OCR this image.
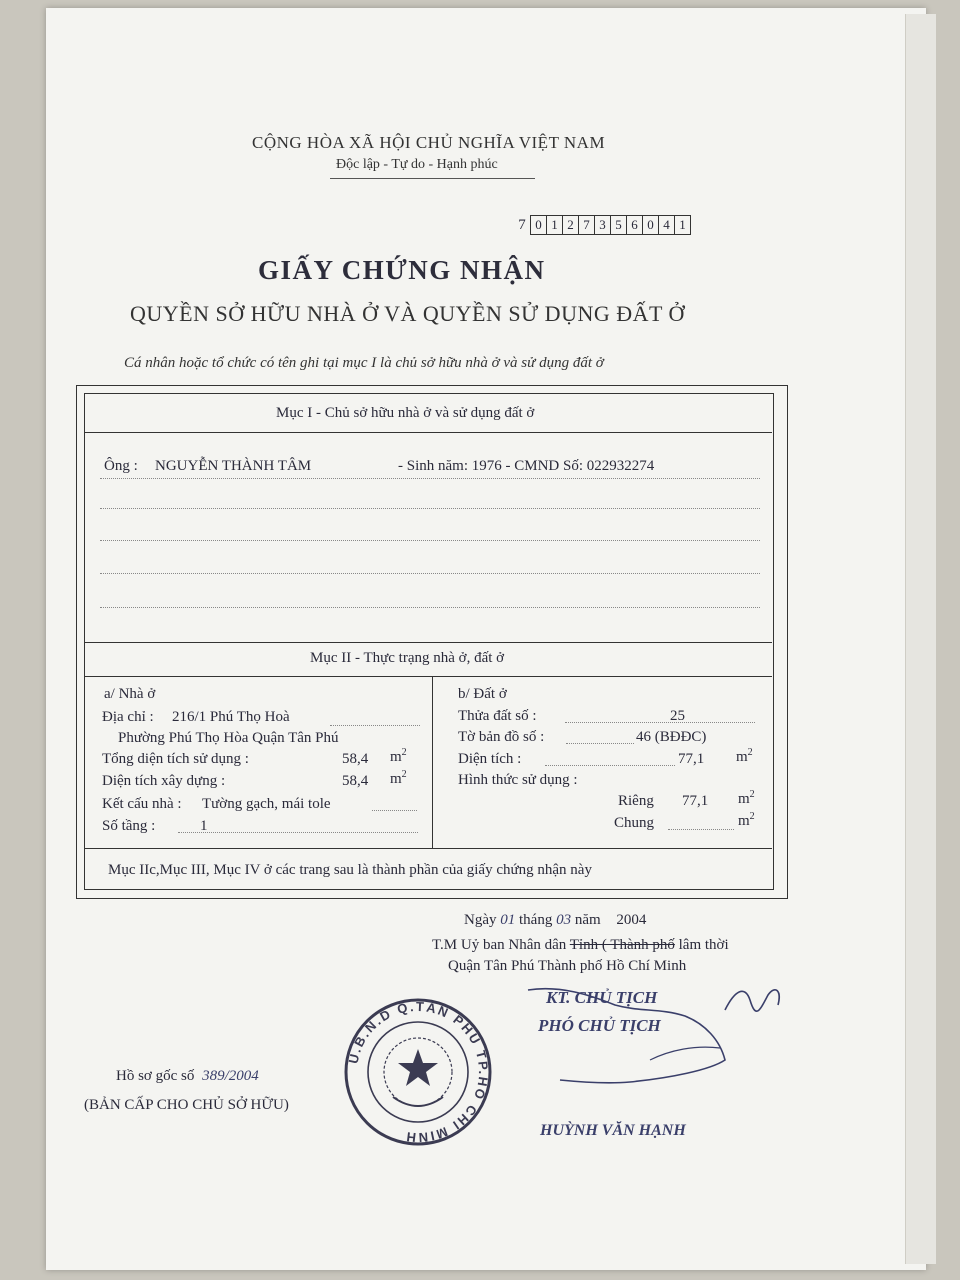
CỘNG HÒA XÃ HỘI CHỦ NGHĨA VIỆT NAM
Độc lập - Tự do - Hạnh phúc
7 0 1 2 7 3 5 6 0 4 1
GIẤY CHỨNG NHẬN
QUYỀN SỞ HỮU NHÀ Ở VÀ QUYỀN SỬ DỤNG ĐẤT Ở
Cá nhân hoặc tổ chức có tên ghi tại mục I là chủ sở hữu nhà ở và sử dụng đất ở
Mục I - Chủ sở hữu nhà ở và sử dụng đất ở
Ông : NGUYỄN THÀNH TÂM	- Sinh năm: 1976 - CMND Số: 022932274
Mục II - Thực trạng nhà ở, đất ở
a/ Nhà ở
Địa chỉ : 216/1 Phú Thọ Hoà
Phường Phú Thọ Hòa Quận Tân Phú
Tổng diện tích sử dụng :	58,4 $m^2$
Diện tích xây dựng :	58,4 $m^2$
Kết cấu nhà : Tường gạch, mái tole
Số tầng :	1
b/ Đất ở
Thửa đất số :	25
Tờ bản đồ số :	46 (BĐĐC)
Diện tích :	77,1 $m^2$
Hình thức sử dụng :
Riêng 77,1 $m^2$
Chung	$m^2$
Mục IIc,Mục III, Mục IV ở các trang sau là thành phần của giấy chứng nhận này
Ngày 01 tháng 03 năm 2004
T.M Uỷ ban Nhân dân Tỉnh ( Thành phố lâm thời
Quận Tân Phú Thành phố Hồ Chí Minh
KT. CHỦ TỊCH
PHÓ CHỦ TỊCH
HUỲNH VĂN HẠNH
Hồ sơ gốc số 389/2004
(BẢN CẤP CHO CHỦ SỞ HỮU)
U.B.N.D Q.TÂN PHÚ TP.HỒ CHÍ MINH
